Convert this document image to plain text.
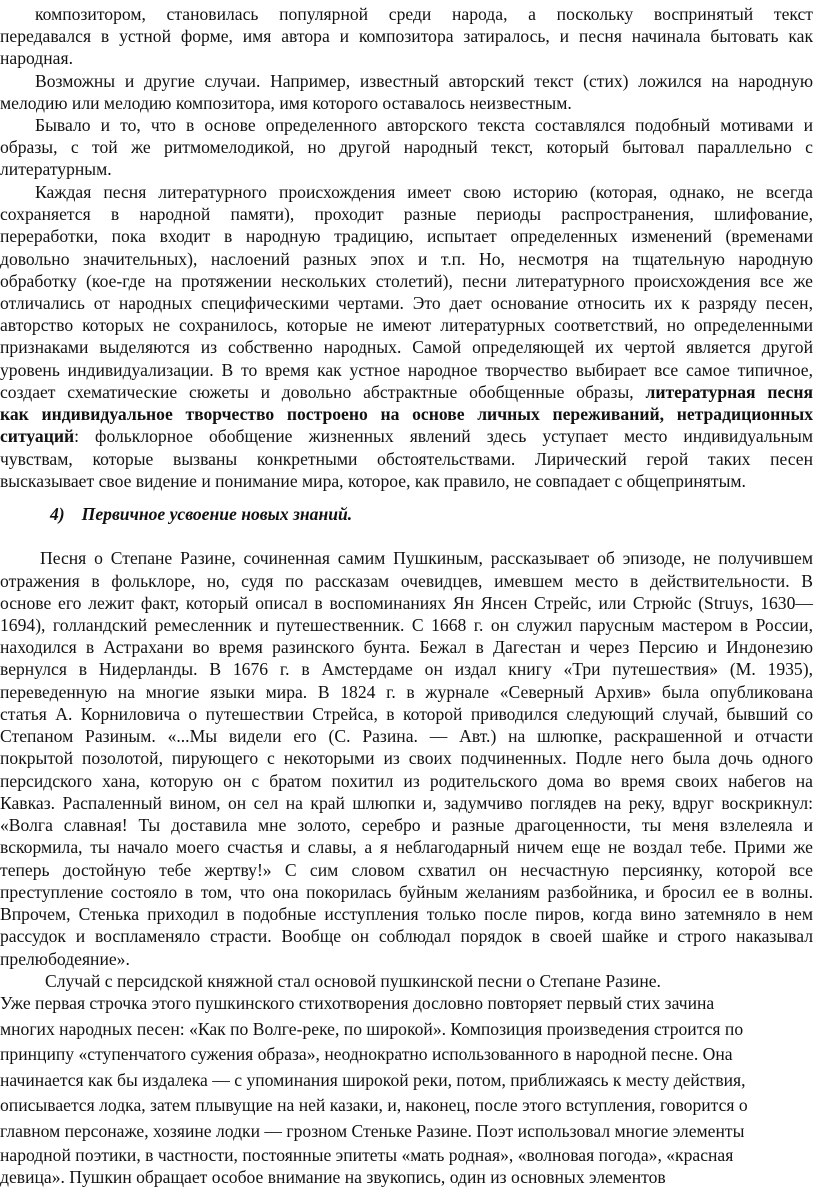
композитором, становилась популярной среди народа, а поскольку воспринятый текст
передавался в устной форме, имя автора и композитора затиралось, и песня начинала бытовать как
народная.
Возможны и другие случаи. Например, известный авторский текст (стих) ложился на народную
мелодию или мелодию композитора, имя которого оставалось неизвестным.
Бывало и то, что в основе определенного авторского текста составлялся подобный мотивами и
образы, с той же ритмомелодикой, но другой народный текст, который бытовал параллельно с
литературным.
Каждая песня литературного происхождения имеет свою историю (которая, однако, не всегда
сохраняется в народной памяти), проходит разные периоды распространения, шлифование,
переработки, пока входит в народную традицию, испытает определенных изменений (временами
довольно значительных), наслоений разных эпох и т.п. Но, несмотря на тщательную народную
обработку (кое-где на протяжении нескольких столетий), песни литературного происхождения все же
отличались от народных специфическими чертами. Это дает основание относить их к разряду песен,
авторство которых не сохранилось, которые не имеют литературных соответствий, но определенными
признаками выделяются из собственно народных. Самой определяющей их чертой является другой
уровень индивидуализации. В то время как устное народное творчество выбирает все самое типичное,
создает схематические сюжеты и довольно абстрактные обобщенные образы, литературная песня
как индивидуальное творчество построено на основе личных переживаний, нетрадиционных
ситуаций: фольклорное обобщение жизненных явлений здесь уступает место индивидуальным
чувствам, которые вызваны конкретными обстоятельствами. Лирический герой таких песен
высказывает свое видение и понимание мира, которое, как правило, не совпадает с общепринятым.
4) Первичное усвоение новых знаний.
Песня о Степане Разине, сочиненная самим Пушкиным, рассказывает об эпизоде, не получившем
отражения в фольклоре, но, судя по рассказам очевидцев, имевшем место в действительности. В
основе его лежит факт, который описал в воспоминаниях Ян Янсен Стрейс, или Стрюйс (Struys, 1630—
1694), голландский ремесленник и путешественник. С 1668 г. он служил парусным мастером в России,
находился в Астрахани во время разинского бунта. Бежал в Дагестан и через Персию и Индонезию
вернулся в Нидерланды. В 1676 г. в Амстердаме он издал книгу «Три путешествия» (М. 1935),
переведенную на многие языки мира. В 1824 г. в журнале «Северный Архив» была опубликована
статья А. Корниловича о путешествии Стрейса, в которой приводился следующий случай, бывший со
Степаном Разиным. «...Мы видели его (С. Разина. — Авт.) на шлюпке, раскрашенной и отчасти
покрытой позолотой, пирующего с некоторыми из своих подчиненных. Подле него была дочь одного
персидского хана, которую он с братом похитил из родительского дома во время своих набегов на
Кавказ. Распаленный вином, он сел на край шлюпки и, задумчиво поглядев на реку, вдруг воскрикнул:
«Волга славная! Ты доставила мне золото, серебро и разные драгоценности, ты меня взлелеяла и
вскормила, ты начало моего счастья и славы, а я неблагодарный ничем еще не воздал тебе. Прими же
теперь достойную тебе жертву!» С сим словом схватил он несчастную персиянку, которой все
преступление состояло в том, что она покорилась буйным желаниям разбойника, и бросил ее в волны.
Впрочем, Стенька приходил в подобные исступления только после пиров, когда вино затемняло в нем
рассудок и воспламеняло страсти. Вообще он соблюдал порядок в своей шайке и строго наказывал
прелюбодеяние».
Случай с персидской княжной стал основой пушкинской песни о Степане Разине.
Уже первая строчка этого пушкинского стихотворения дословно повторяет первый стих зачина
многих народных песен: «Как по Волге-реке, по широкой». Композиция произведения строится по
принципу «ступенчатого сужения образа», неоднократно использованного в народной песне. Она
начинается как бы издалека — с упоминания широкой реки, потом, приближаясь к месту действия,
описывается лодка, затем плывущие на ней казаки, и, наконец, после этого вступления, говорится о
главном персонаже, хозяине лодки — грозном Стеньке Разине. Поэт использовал многие элементы
народной поэтики, в частности, постоянные эпитеты «мать родная», «волновая погода», «красная
девица». Пушкин обращает особое внимание на звукопись, один из основных элементов
